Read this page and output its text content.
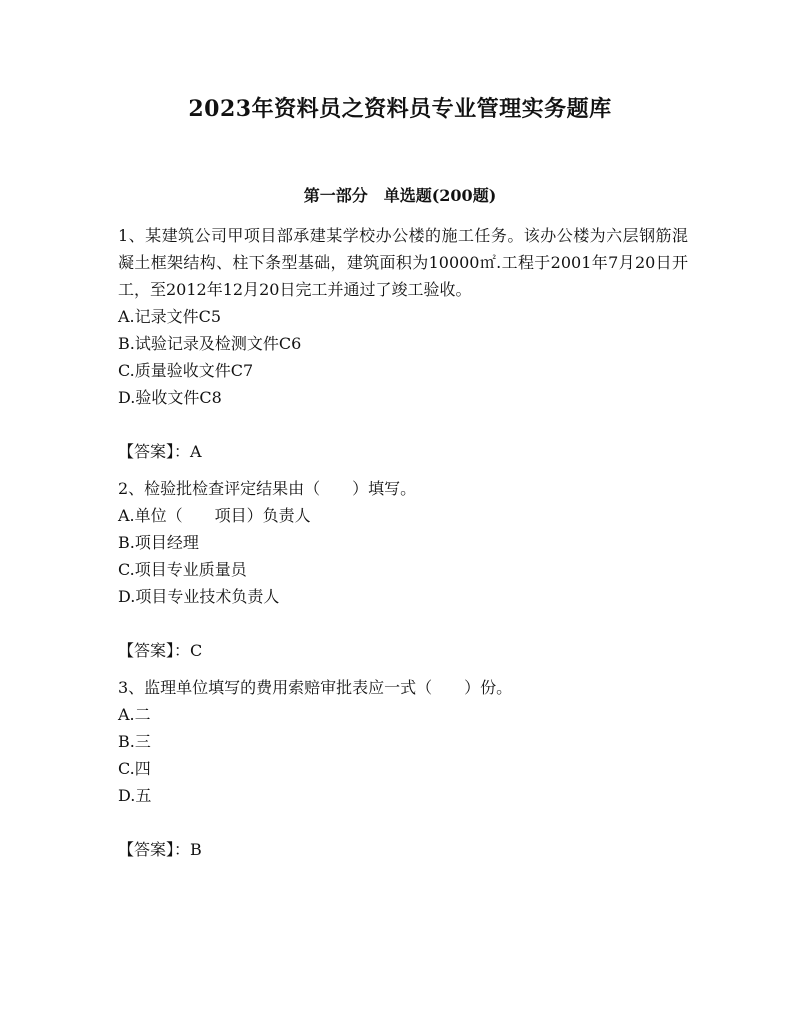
2023年资料员之资料员专业管理实务题库
第一部分　单选题(200题)

1、某建筑公司甲项目部承建某学校办公楼的施工任务。该办公楼为六层钢筋混凝土框架结构、柱下条型基础，建筑面积为10000㎡.工程于2001年7月20日开工，至2012年12月20日完工并通过了竣工验收。

A.记录文件C5
B.试验记录及检测文件C6
C.质量验收文件C7
D.验收文件C8
【答案】：A

2、检验批检查评定结果由（　　）填写。

A.单位（　　项目）负责人
B.项目经理
C.项目专业质量员
D.项目专业技术负责人
【答案】：C

3、监理单位填写的费用索赔审批表应一式（　　）份。

A.二
B.三
C.四
D.五
【答案】：B
